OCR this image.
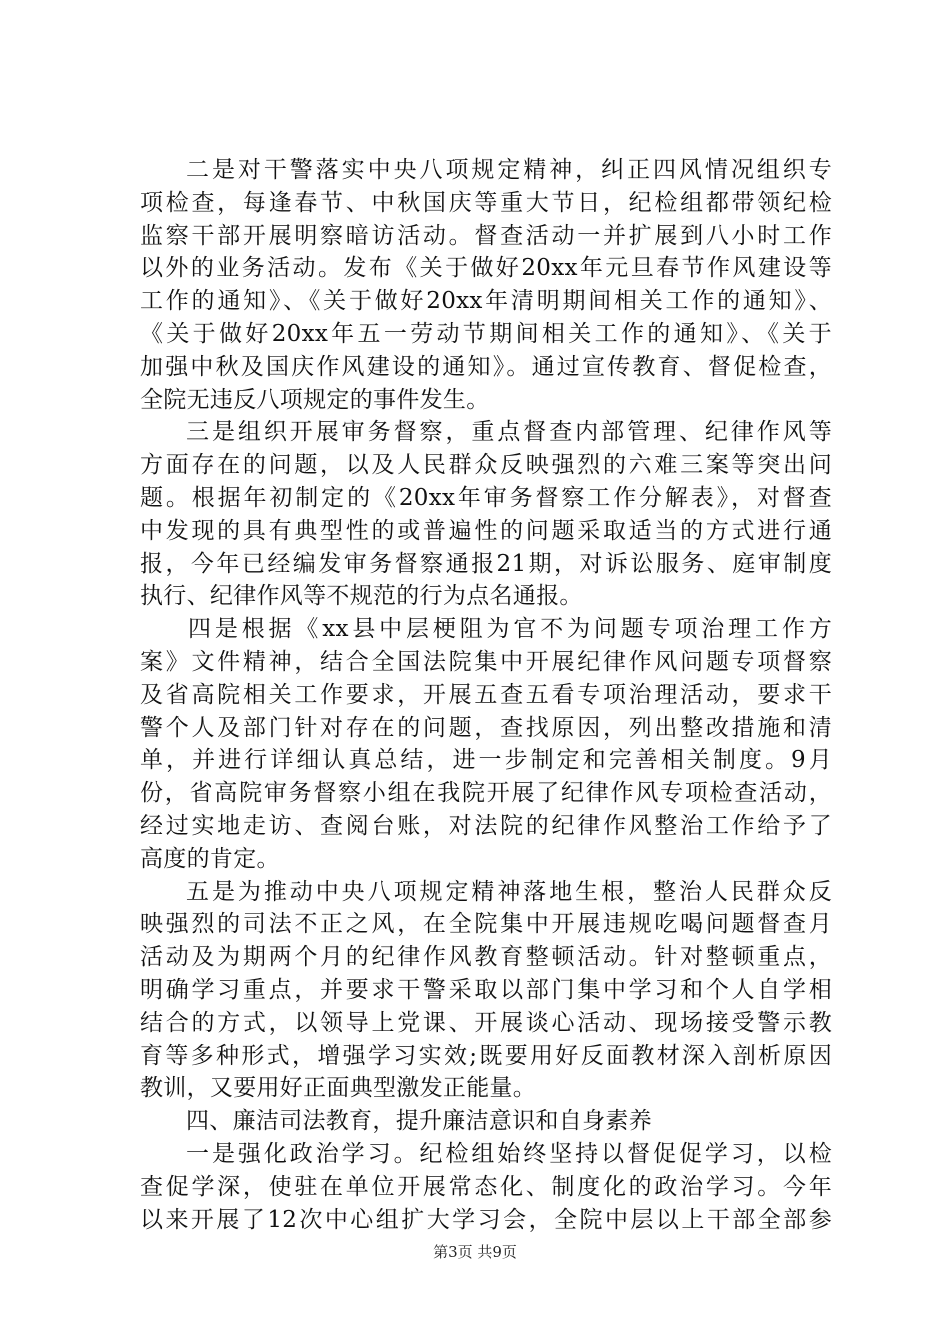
二是对干警落实中央八项规定精神，纠正四风情况组织专
项检查，每逢春节、中秋国庆等重大节日，纪检组都带领纪检
监察干部开展明察暗访活动。督查活动一并扩展到八小时工作
以外的业务活动。发布《关于做好20xx年元旦春节作风建设等
工作的通知》、《关于做好20xx年清明期间相关工作的通知》、
《关于做好20xx年五一劳动节期间相关工作的通知》、《关于
加强中秋及国庆作风建设的通知》。通过宣传教育、督促检查，
全院无违反八项规定的事件发生。
三是组织开展审务督察，重点督查内部管理、纪律作风等
方面存在的问题，以及人民群众反映强烈的六难三案等突出问
题。根据年初制定的《20xx年审务督察工作分解表》，对督查
中发现的具有典型性的或普遍性的问题采取适当的方式进行通
报，今年已经编发审务督察通报21期，对诉讼服务、庭审制度
执行、纪律作风等不规范的行为点名通报。
四是根据《xx县中层梗阻为官不为问题专项治理工作方
案》文件精神，结合全国法院集中开展纪律作风问题专项督察
及省高院相关工作要求，开展五查五看专项治理活动，要求干
警个人及部门针对存在的问题，查找原因，列出整改措施和清
单，并进行详细认真总结，进一步制定和完善相关制度。9月
份，省高院审务督察小组在我院开展了纪律作风专项检查活动，
经过实地走访、查阅台账，对法院的纪律作风整治工作给予了
高度的肯定。
五是为推动中央八项规定精神落地生根，整治人民群众反
映强烈的司法不正之风，在全院集中开展违规吃喝问题督查月
活动及为期两个月的纪律作风教育整顿活动。针对整顿重点，
明确学习重点，并要求干警采取以部门集中学习和个人自学相
结合的方式，以领导上党课、开展谈心活动、现场接受警示教
育等多种形式，增强学习实效;既要用好反面教材深入剖析原因
教训，又要用好正面典型激发正能量。
四、廉洁司法教育，提升廉洁意识和自身素养
一是强化政治学习。纪检组始终坚持以督促促学习，以检
查促学深，使驻在单位开展常态化、制度化的政治学习。今年
以来开展了12次中心组扩大学习会，全院中层以上干部全部参
第3页 共9页
